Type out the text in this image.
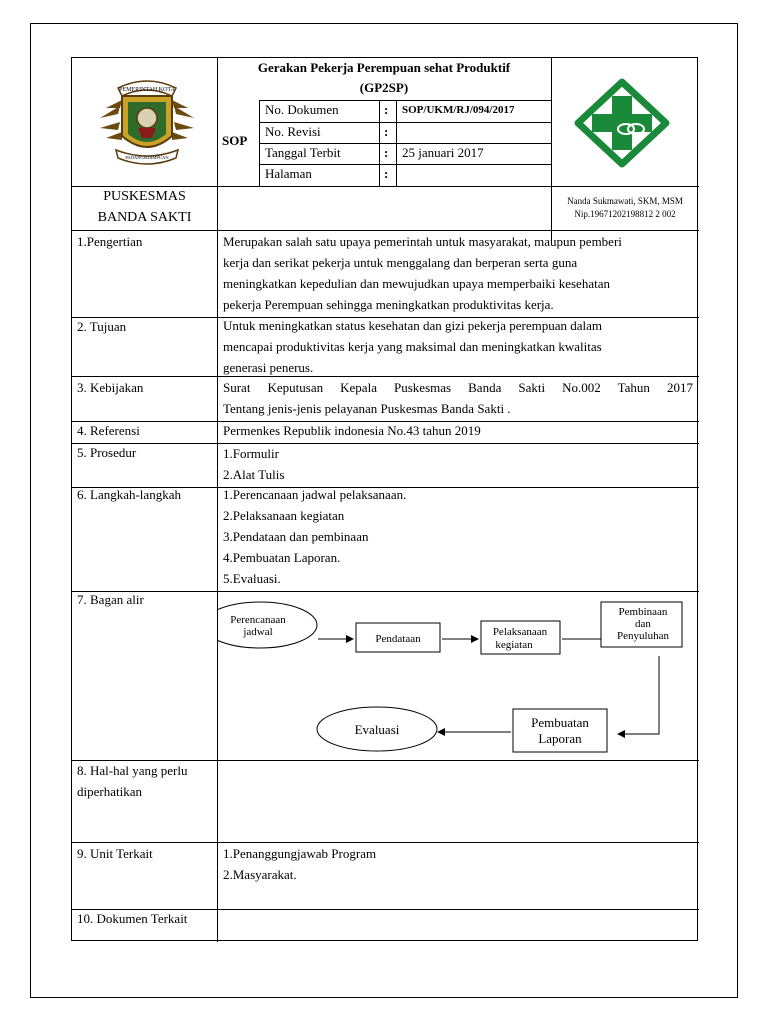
PEMERINTAH KOTA
PADANGSIDIMPUAN
Gerakan Pekerja Perempuan sehat Produktif
(GP2SP)
SOP
No. Dokumen	: SOP/UKM/RJ/094/2017
No. Revisi	:
Tanggal Terbit	: 25 januari 2017
Halaman	:
PUSKESMAS
BANDA SAKTI
Nanda Sukmawati, SKM, MSM
Nip.19671202198812 2 002
1.Pengertian	Merupakan salah satu upaya pemerintah untuk masyarakat, maupun pemberi
kerja dan serikat pekerja untuk menggalang dan berperan serta guna
meningkatkan kepedulian dan mewujudkan upaya memperbaiki kesehatan
pekerja Perempuan sehingga meningkatkan produktivitas kerja.
2. Tujuan	Untuk meningkatkan status kesehatan dan gizi pekerja perempuan dalam
mencapai produktivitas kerja yang maksimal dan meningkatkan kwalitas
generasi penerus.
3. Kebijakan	Surat Keputusan Kepala Puskesmas Banda Sakti No.002 Tahun 2017
Tentang jenis-jenis pelayanan Puskesmas Banda Sakti .
4. Referensi	Permenkes Republik indonesia No.43 tahun 2019
5. Prosedur	1.Formulir
2.Alat Tulis
6. Langkah-langkah	1.Perencanaan jadwal pelaksanaan.
2.Pelaksanaan kegiatan
3.Pendataan dan pembinaan
4.Pembuatan Laporan.
5.Evaluasi.
7. Bagan alir
Perencanaan
jadwal
Pendataan
Pelaksanaan
kegiatan
Pembinaan
dan
Penyuluhan
Pembuatan
Laporan
Evaluasi
8. Hal-hal yang perlu
diperhatikan
9. Unit Terkait	1.Penanggungjawab Program
2.Masyarakat.
10. Dokumen Terkait
